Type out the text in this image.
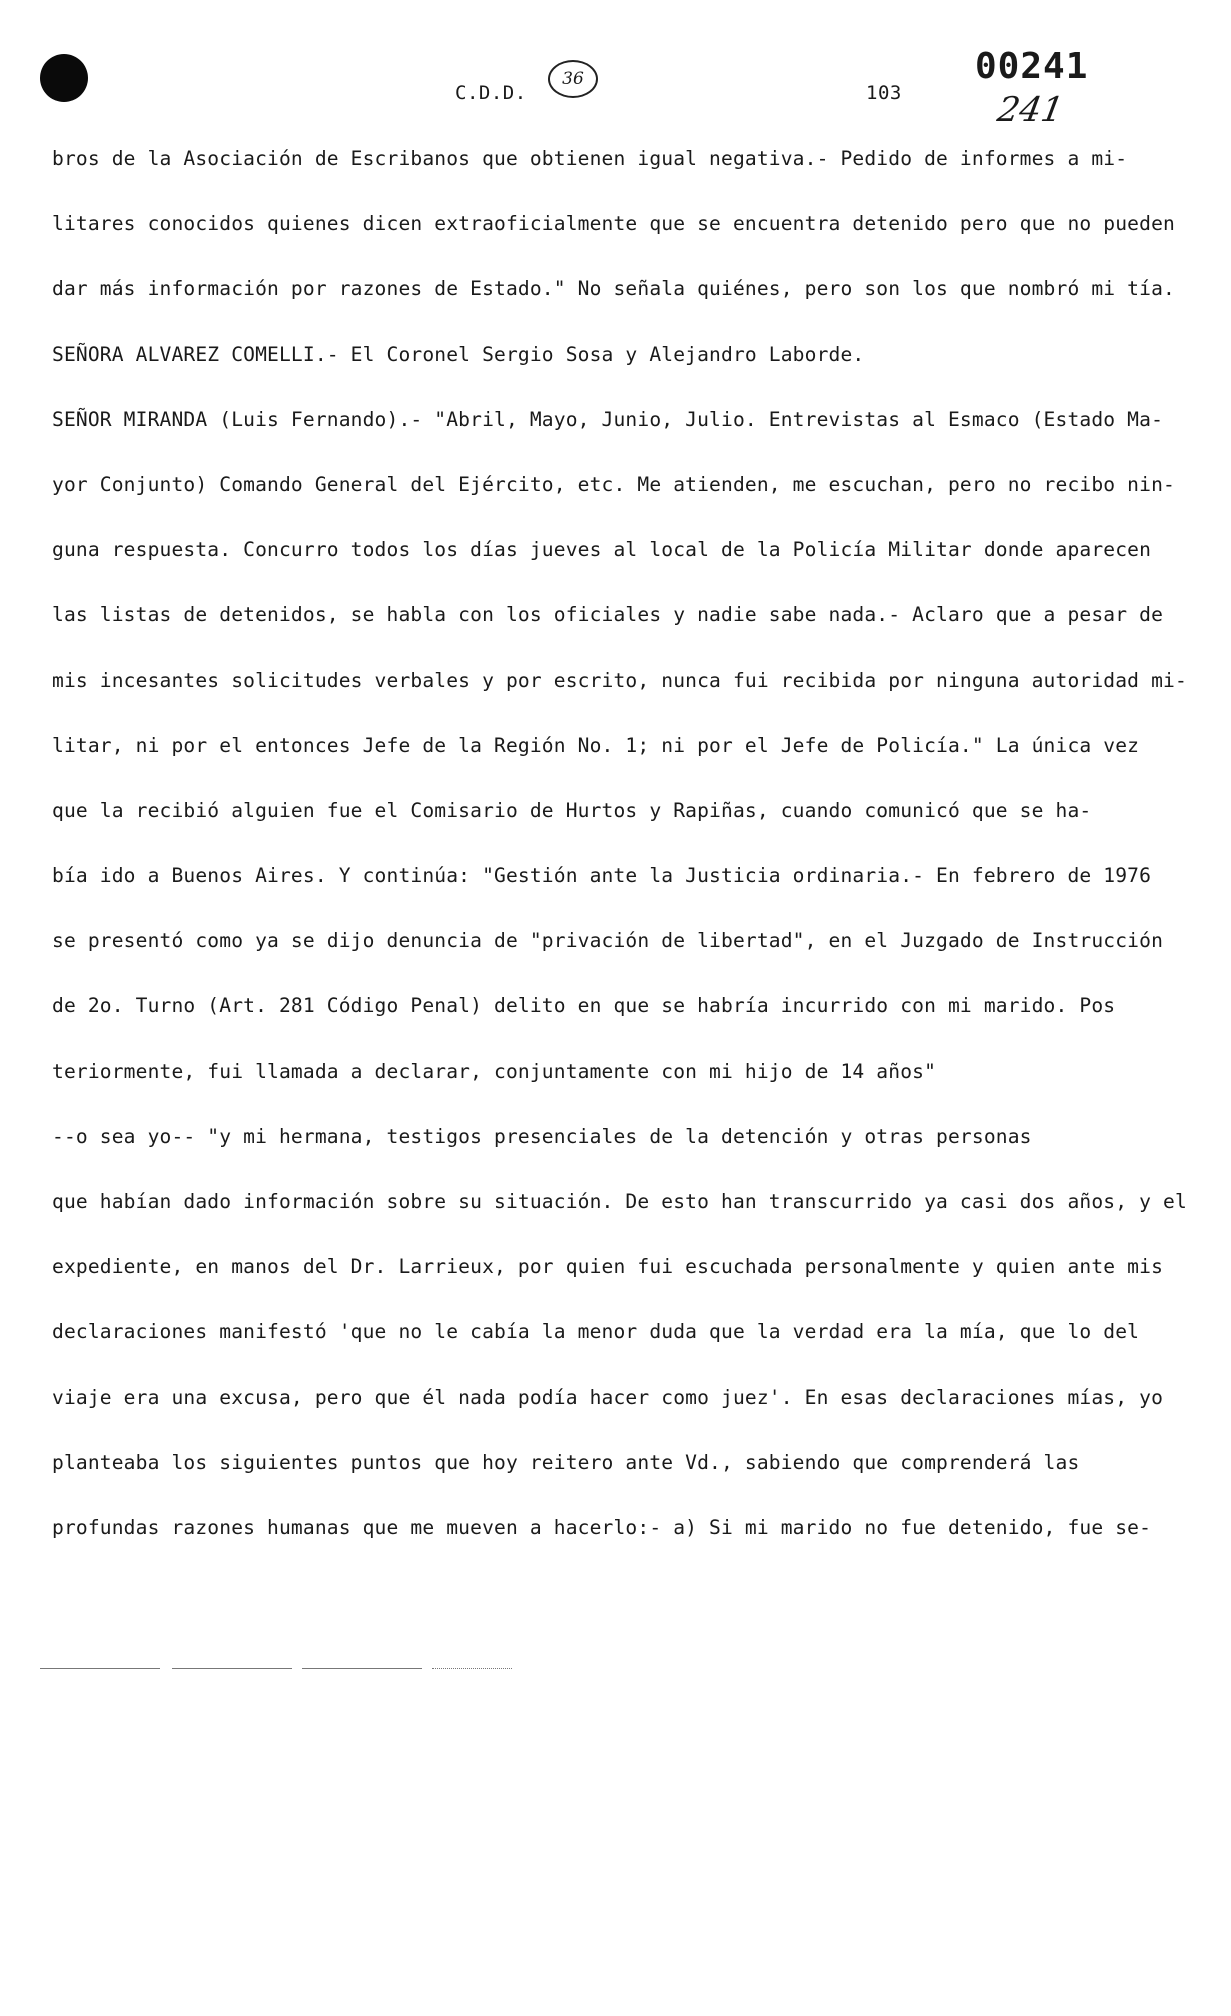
C.D.D.
36
103
00241
241
bros de la Asociación de Escribanos que obtienen igual negativa.- Pedido de informes a mi-
litares conocidos quienes dicen extraoficialmente que se encuentra detenido pero que no pueden
dar más información por razones de Estado." No señala quiénes, pero son los que nombró mi tía.
SEÑORA ALVAREZ COMELLI.- El Coronel Sergio Sosa y Alejandro Laborde.
SEÑOR MIRANDA (Luis Fernando).- "Abril, Mayo, Junio, Julio. Entrevistas al Esmaco (Estado Ma-
yor Conjunto) Comando General del Ejército, etc. Me atienden, me escuchan, pero no recibo nin-
guna respuesta. Concurro todos los días jueves al local de la Policía Militar donde aparecen
las listas de detenidos, se habla con los oficiales y nadie sabe nada.- Aclaro que a pesar de
mis incesantes solicitudes verbales y por escrito, nunca fui recibida por ninguna autoridad mi-
litar, ni por el entonces Jefe de la Región No. 1; ni por el Jefe de Policía." La única vez
que la recibió alguien fue el Comisario de Hurtos y Rapiñas, cuando comunicó que se ha-
bía ido a Buenos Aires. Y continúa: "Gestión ante la Justicia ordinaria.- En febrero de 1976
se presentó como ya se dijo denuncia de "privación de libertad", en el Juzgado de Instrucción
de 2o. Turno (Art. 281 Código Penal) delito en que se habría incurrido con mi marido. Pos
teriormente, fui llamada a declarar, conjuntamente con mi hijo de 14 años"
--o sea yo-- "y mi hermana, testigos presenciales de la detención y otras personas
que habían dado información sobre su situación. De esto han transcurrido ya casi dos años, y el
expediente, en manos del Dr. Larrieux, por quien fui escuchada personalmente y quien ante mis
declaraciones manifestó 'que no le cabía la menor duda que la verdad era la mía, que lo del
viaje era una excusa, pero que él nada podía hacer como juez'. En esas declaraciones mías, yo
planteaba los siguientes puntos que hoy reitero ante Vd., sabiendo que comprenderá las
profundas razones humanas que me mueven a hacerlo:- a) Si mi marido no fue detenido, fue se-
